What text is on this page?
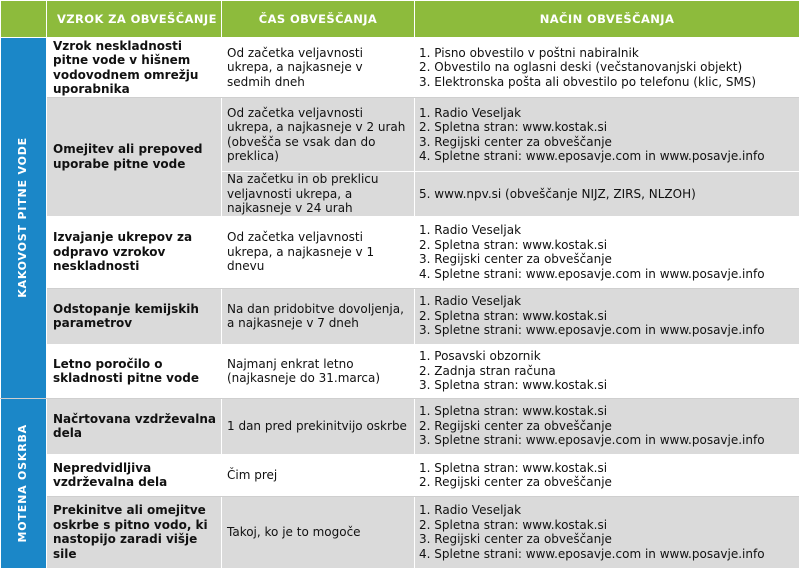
	VZROK ZA OBVEŠČANJE	ČAS OBVEŠČANJA	NAČIN OBVEŠČANJA

KAKOVOST PITNE VODE	Vzrok neskladnosti pitne vode v hišnem vodovodnem omrežju uporabnika	Od začetka veljavnosti ukrepa, a najkasneje v sedmih dneh	1. Pisno obvestilo v poštni nabiralnik
2. Obvestilo na oglasni deski (večstanovanjski objekt)
3. Elektronska pošta ali obvestilo po telefonu (klic, SMS)

	Omejitev ali prepoved uporabe pitne vode	Od začetka veljavnosti ukrepa, a najkasneje v 2 urah (obvešča se vsak dan do preklica)	1. Radio Veseljak
2. Spletna stran: www.kostak.si
3. Regijski center za obveščanje
4. Spletne strani: www.eposavje.com in www.posavje.info

		Na začetku in ob preklicu veljavnosti ukrepa, a najkasneje v 24 urah	5. www.npv.si (obveščanje NIJZ, ZIRS, NLZOH)

	Izvajanje ukrepov za odpravo vzrokov neskladnosti	Od začetka veljavnosti ukrepa, a najkasneje v 1 dnevu	1. Radio Veseljak
2. Spletna stran: www.kostak.si
3. Regijski center za obveščanje
4. Spletne strani: www.eposavje.com in www.posavje.info

	Odstopanje kemijskih parametrov	Na dan pridobitve dovoljenja, a najkasneje v 7 dneh	1. Radio Veseljak
2. Spletna stran: www.kostak.si
3. Spletne strani: www.eposavje.com in www.posavje.info

	Letno poročilo o skladnosti pitne vode	Najmanj enkrat letno (najkasneje do 31.marca)	1. Posavski obzornik
2. Zadnja stran računa
3. Spletna stran: www.kostak.si

MOTENA OSKRBA	Načrtovana vzdrževalna dela	1 dan pred prekinitvijo oskrbe	1. Spletna stran: www.kostak.si
2. Regijski center za obveščanje
3. Spletne strani: www.eposavje.com in www.posavje.info

	Nepredvidljiva vzdrževalna dela	Čim prej	1. Spletna stran: www.kostak.si
2. Regijski center za obveščanje

	Prekinitve ali omejitve oskrbe s pitno vodo, ki nastopijo zaradi višje sile	Takoj, ko je to mogoče	1. Radio Veseljak
2. Spletna stran: www.kostak.si
3. Regijski center za obveščanje
4. Spletne strani: www.eposavje.com in www.posavje.info
